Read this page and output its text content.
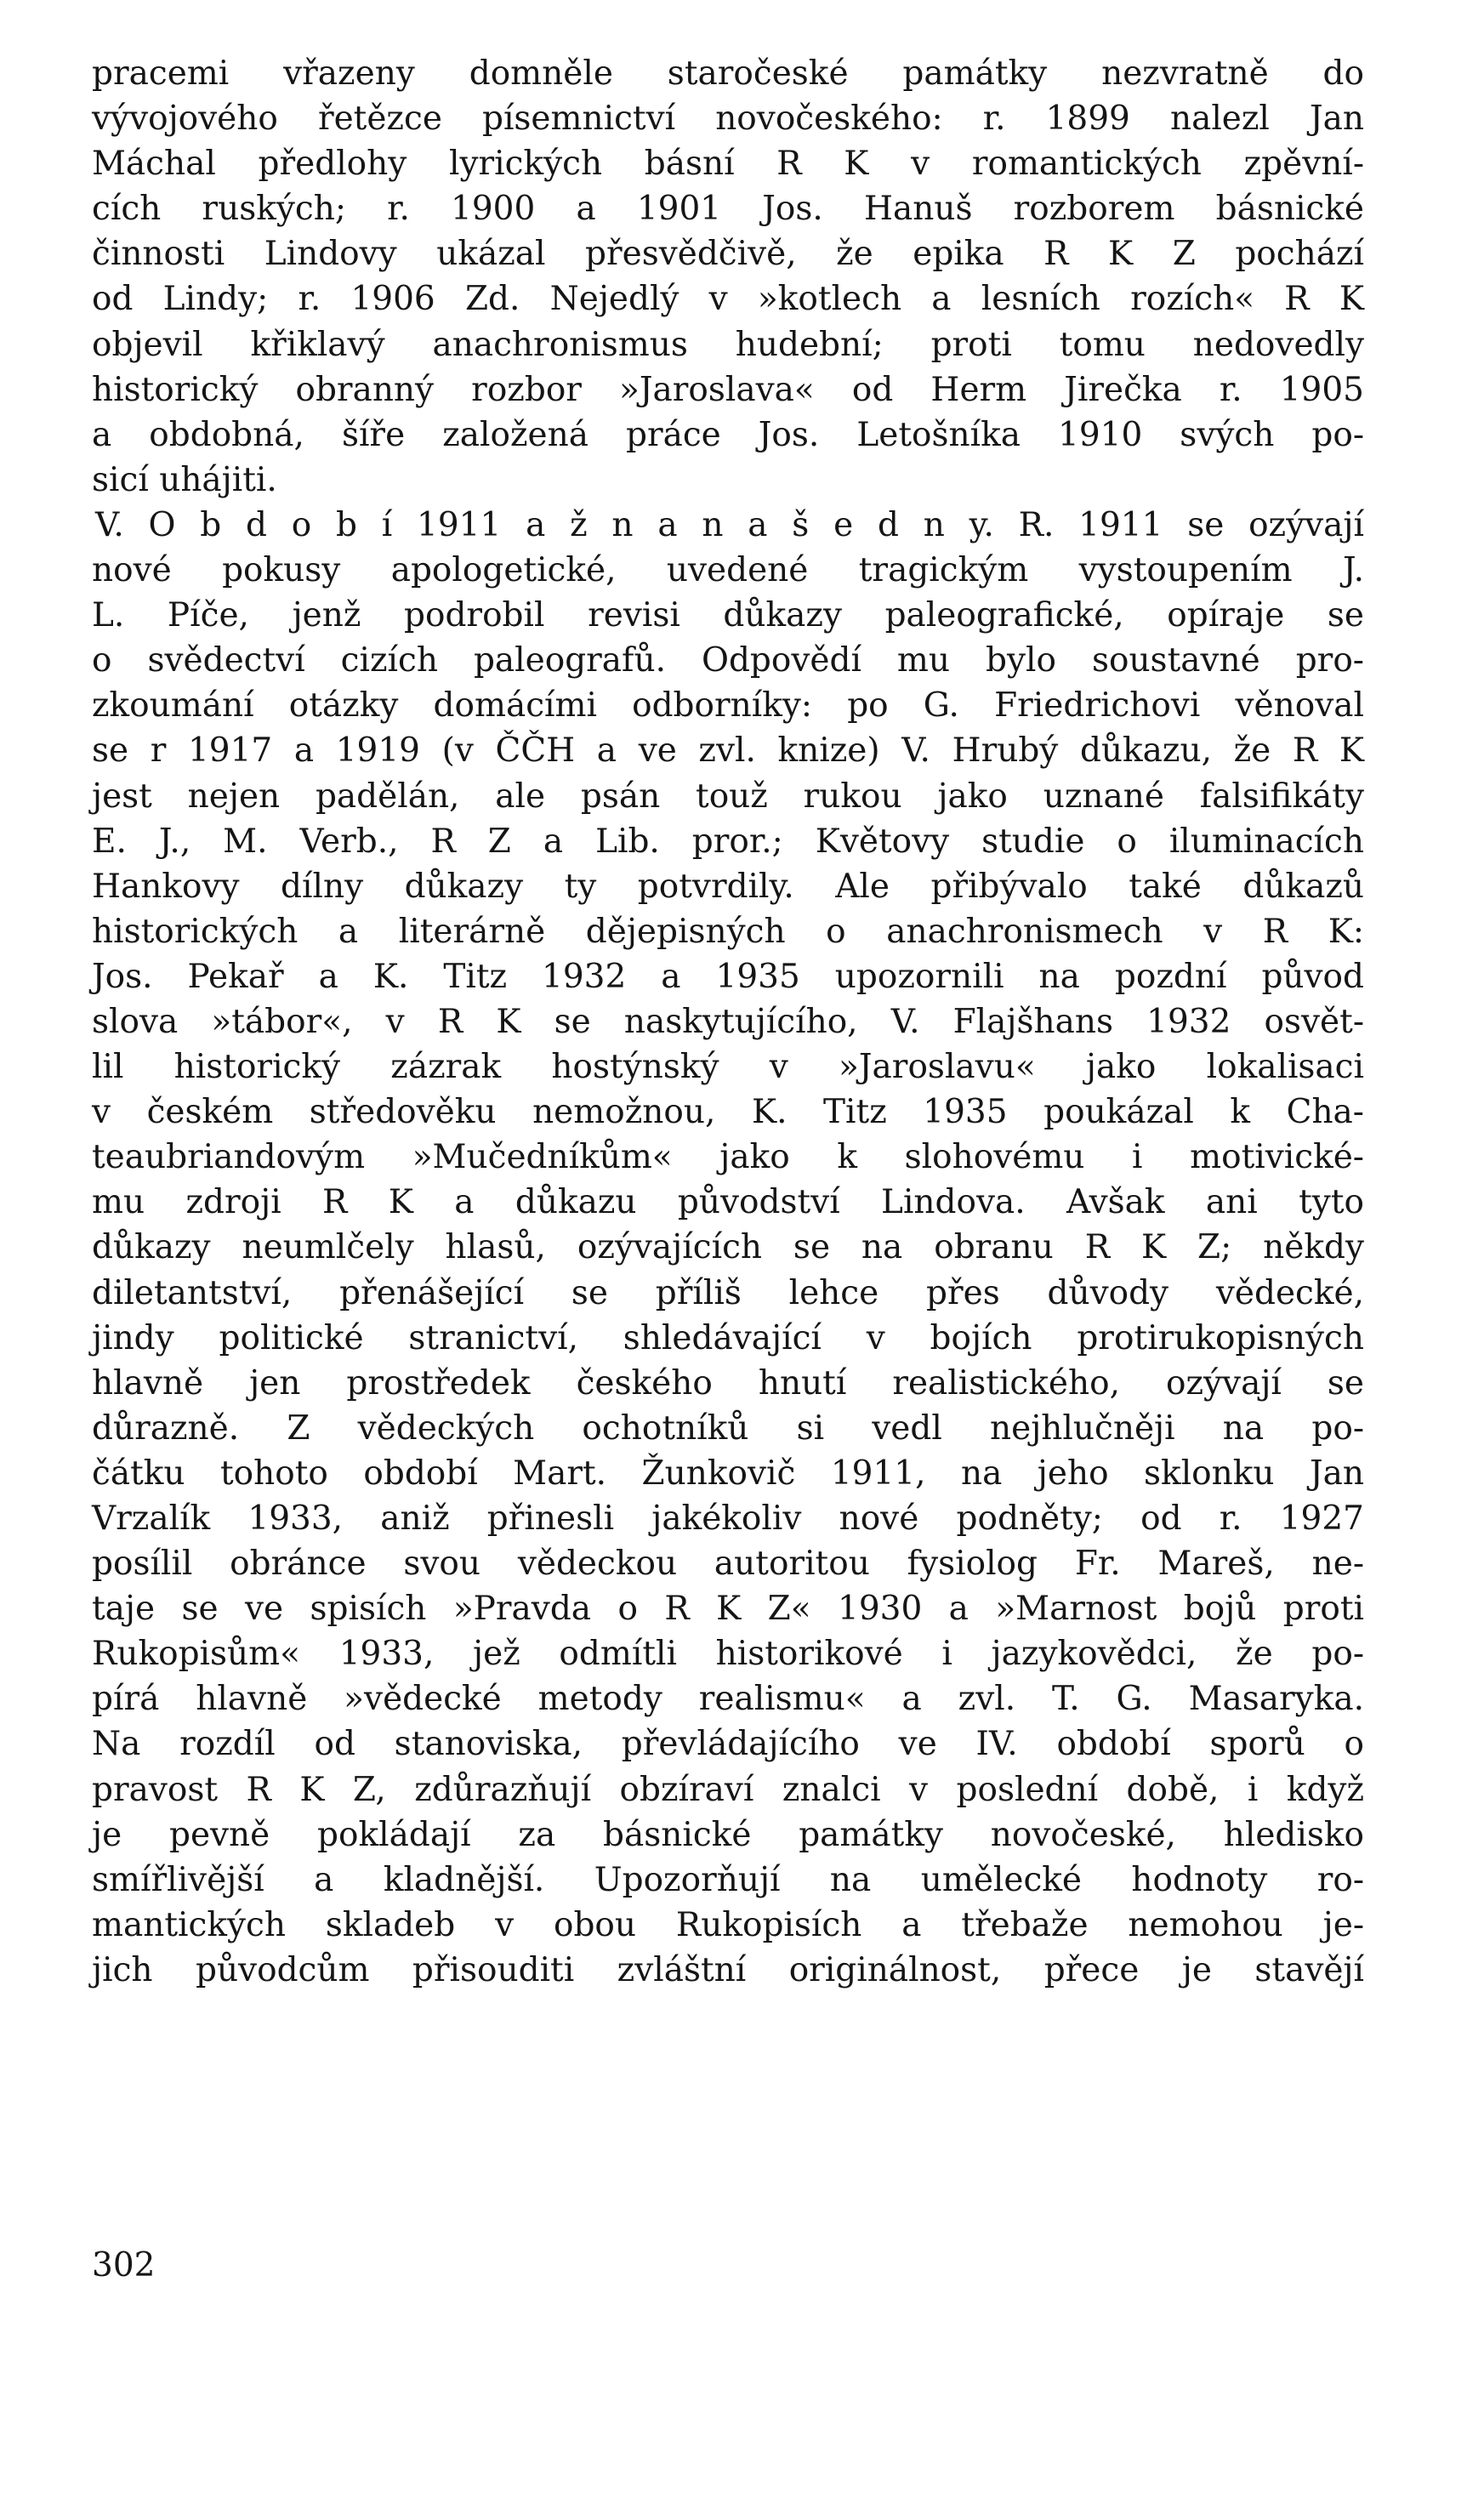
pracemi vřazeny domněle staročeské památky nezvratně do
vývojového řetězce písemnictví novočeského: r. 1899 nalezl Jan
Máchal předlohy lyrických básní R K v romantických zpěvní-
cích ruských; r. 1900 a 1901 Jos. Hanuš rozborem básnické
činnosti Lindovy ukázal přesvědčivě, že epika R K Z pochází
od Lindy; r. 1906 Zd. Nejedlý v »kotlech a lesních rozích« R K
objevil křiklavý anachronismus hudební; proti tomu nedovedly
historický obranný rozbor »Jaroslava« od Herm Jirečka r. 1905
a obdobná, šíře založená práce Jos. Letošníka 1910 svých po-
sicí uhájiti.
V. O b d o b í 1911 a ž n a n a š e d n y. R. 1911 se ozývají
nové pokusy apologetické, uvedené tragickým vystoupením J.
L. Píče, jenž podrobil revisi důkazy paleografické, opíraje se
o svědectví cizích paleografů. Odpovědí mu bylo soustavné pro-
zkoumání otázky domácími odborníky: po G. Friedrichovi věnoval
se r 1917 a 1919 (v ČČH a ve zvl. knize) V. Hrubý důkazu, že R K
jest nejen padělán, ale psán touž rukou jako uznané falsifikáty
E. J., M. Verb., R Z a Lib. pror.; Květovy studie o iluminacích
Hankovy dílny důkazy ty potvrdily. Ale přibývalo také důkazů
historických a literárně dějepisných o anachronismech v R K:
Jos. Pekař a K. Titz 1932 a 1935 upozornili na pozdní původ
slova »tábor«, v R K se naskytujícího, V. Flajšhans 1932 osvět-
lil historický zázrak hostýnský v »Jaroslavu« jako lokalisaci
v českém středověku nemožnou, K. Titz 1935 poukázal k Cha-
teaubriandovým »Mučedníkům« jako k slohovému i motivické-
mu zdroji R K a důkazu původství Lindova. Avšak ani tyto
důkazy neumlčely hlasů, ozývajících se na obranu R K Z; někdy
diletantství, přenášející se příliš lehce přes důvody vědecké,
jindy politické stranictví, shledávající v bojích protirukopisných
hlavně jen prostředek českého hnutí realistického, ozývají se
důrazně. Z vědeckých ochotníků si vedl nejhlučněji na po-
čátku tohoto období Mart. Žunkovič 1911, na jeho sklonku Jan
Vrzalík 1933, aniž přinesli jakékoliv nové podněty; od r. 1927
posílil obránce svou vědeckou autoritou fysiolog Fr. Mareš, ne-
taje se ve spisích »Pravda o R K Z« 1930 a »Marnost bojů proti
Rukopisům« 1933, jež odmítli historikové i jazykovědci, že po-
pírá hlavně »vědecké metody realismu« a zvl. T. G. Masaryka.
Na rozdíl od stanoviska, převládajícího ve IV. období sporů o
pravost R K Z, zdůrazňují obzíraví znalci v poslední době, i když
je pevně pokládají za básnické památky novočeské, hledisko
smířlivější a kladnější. Upozorňují na umělecké hodnoty ro-
mantických skladeb v obou Rukopisích a třebaže nemohou je-
jich původcům přisouditi zvláštní originálnost, přece je stavějí
302
